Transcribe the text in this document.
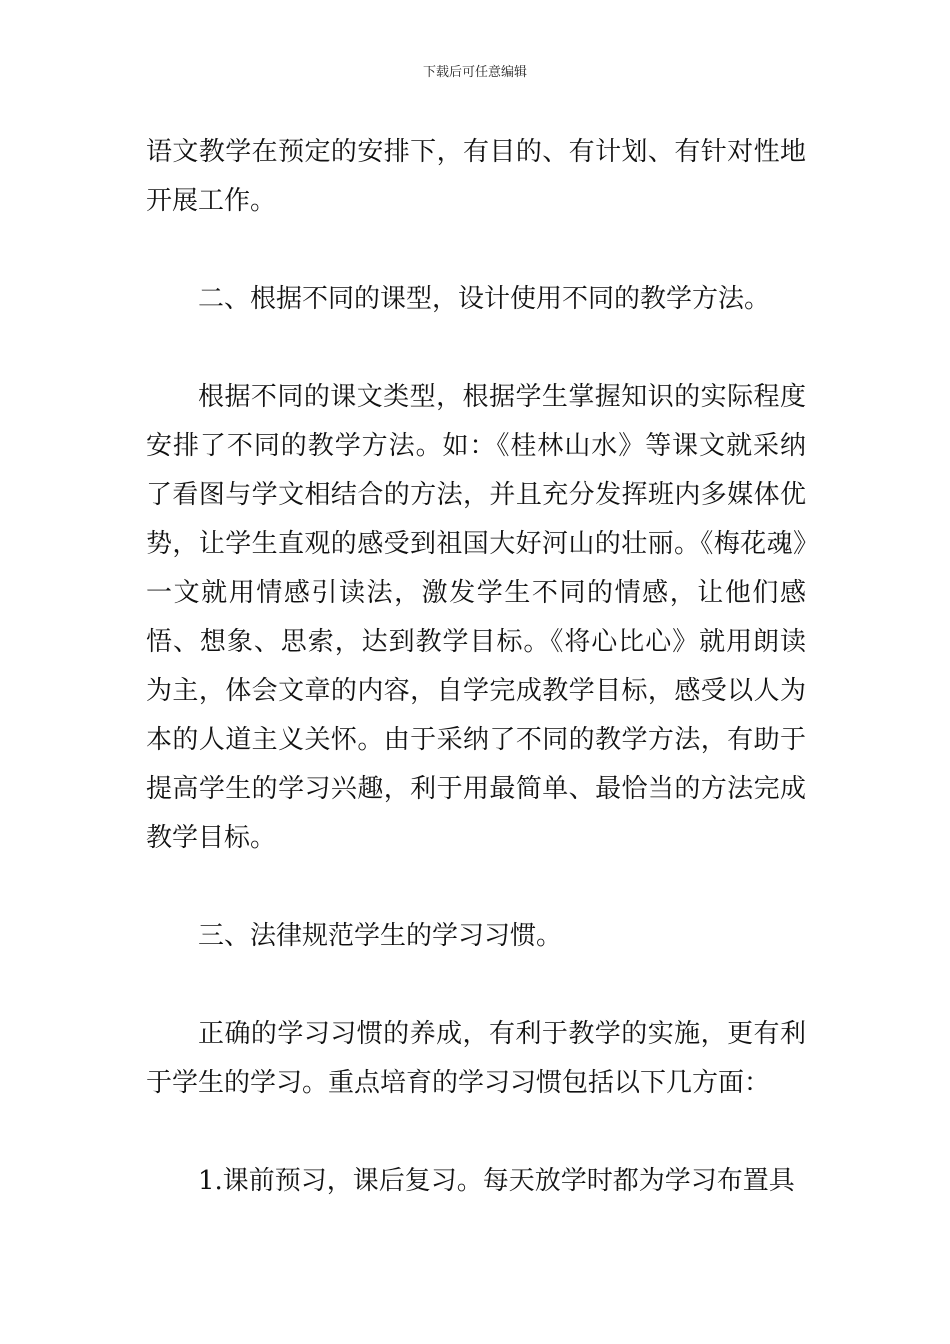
下载后可任意编辑

语文教学在预定的安排下，有目的、有计划、有针对性地开展工作。

二、根据不同的课型，设计使用不同的教学方法。

根据不同的课文类型，根据学生掌握知识的实际程度安排了不同的教学方法。如：《桂林山水》等课文就采纳了看图与学文相结合的方法，并且充分发挥班内多媒体优势，让学生直观的感受到祖国大好河山的壮丽。《梅花魂》一文就用情感引读法，激发学生不同的情感，让他们感悟、想象、思索，达到教学目标。《将心比心》就用朗读为主，体会文章的内容，自学完成教学目标，感受以人为本的人道主义关怀。由于采纳了不同的教学方法，有助于提高学生的学习兴趣，利于用最简单、最恰当的方法完成教学目标。

三、法律规范学生的学习习惯。

正确的学习习惯的养成，有利于教学的实施，更有利于学生的学习。重点培育的学习习惯包括以下几方面：

1.课前预习，课后复习。每天放学时都为学习布置具
